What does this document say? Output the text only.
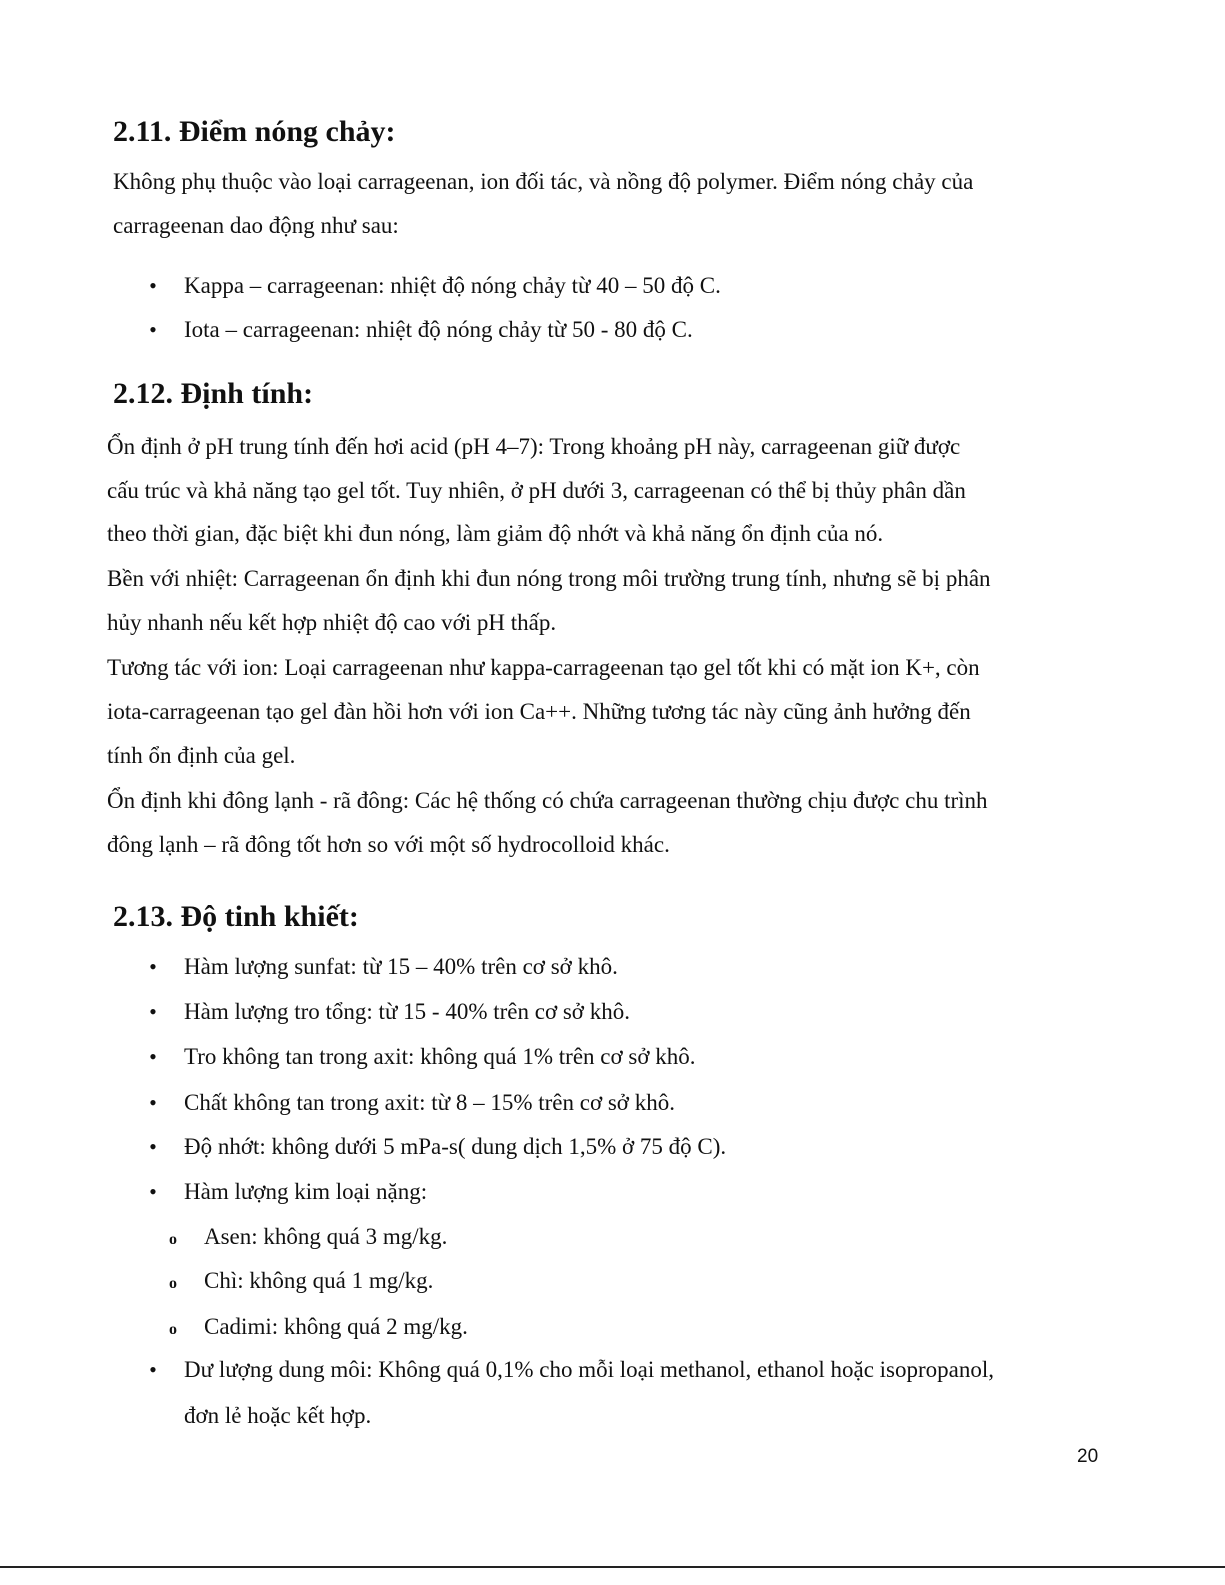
2.11. Điểm nóng chảy:
Không phụ thuộc vào loại carrageenan, ion đối tác, và nồng độ polymer. Điểm nóng chảy của
carrageenan dao động như sau:
• Kappa – carrageenan: nhiệt độ nóng chảy từ 40 – 50 độ C.
• Iota – carrageenan: nhiệt độ nóng chảy từ 50 - 80 độ C.
2.12. Định tính:
Ổn định ở pH trung tính đến hơi acid (pH 4–7): Trong khoảng pH này, carrageenan giữ được
cấu trúc và khả năng tạo gel tốt. Tuy nhiên, ở pH dưới 3, carrageenan có thể bị thủy phân dần
theo thời gian, đặc biệt khi đun nóng, làm giảm độ nhớt và khả năng ổn định của nó.
Bền với nhiệt: Carrageenan ổn định khi đun nóng trong môi trường trung tính, nhưng sẽ bị phân
hủy nhanh nếu kết hợp nhiệt độ cao với pH thấp.
Tương tác với ion: Loại carrageenan như kappa-carrageenan tạo gel tốt khi có mặt ion K+, còn
iota-carrageenan tạo gel đàn hồi hơn với ion Ca++. Những tương tác này cũng ảnh hưởng đến
tính ổn định của gel.
Ổn định khi đông lạnh - rã đông: Các hệ thống có chứa carrageenan thường chịu được chu trình
đông lạnh – rã đông tốt hơn so với một số hydrocolloid khác.
2.13. Độ tinh khiết:
• Hàm lượng sunfat: từ 15 – 40% trên cơ sở khô.
• Hàm lượng tro tổng: từ 15 - 40% trên cơ sở khô.
• Tro không tan trong axit: không quá 1% trên cơ sở khô.
• Chất không tan trong axit: từ 8 – 15% trên cơ sở khô.
• Độ nhớt: không dưới 5 mPa-s( dung dịch 1,5% ở 75 độ C).
• Hàm lượng kim loại nặng:
o Asen: không quá 3 mg/kg.
o Chì: không quá 1 mg/kg.
o Cadimi: không quá 2 mg/kg.
• Dư lượng dung môi: Không quá 0,1% cho mỗi loại methanol, ethanol hoặc isopropanol,
đơn lẻ hoặc kết hợp.
20
